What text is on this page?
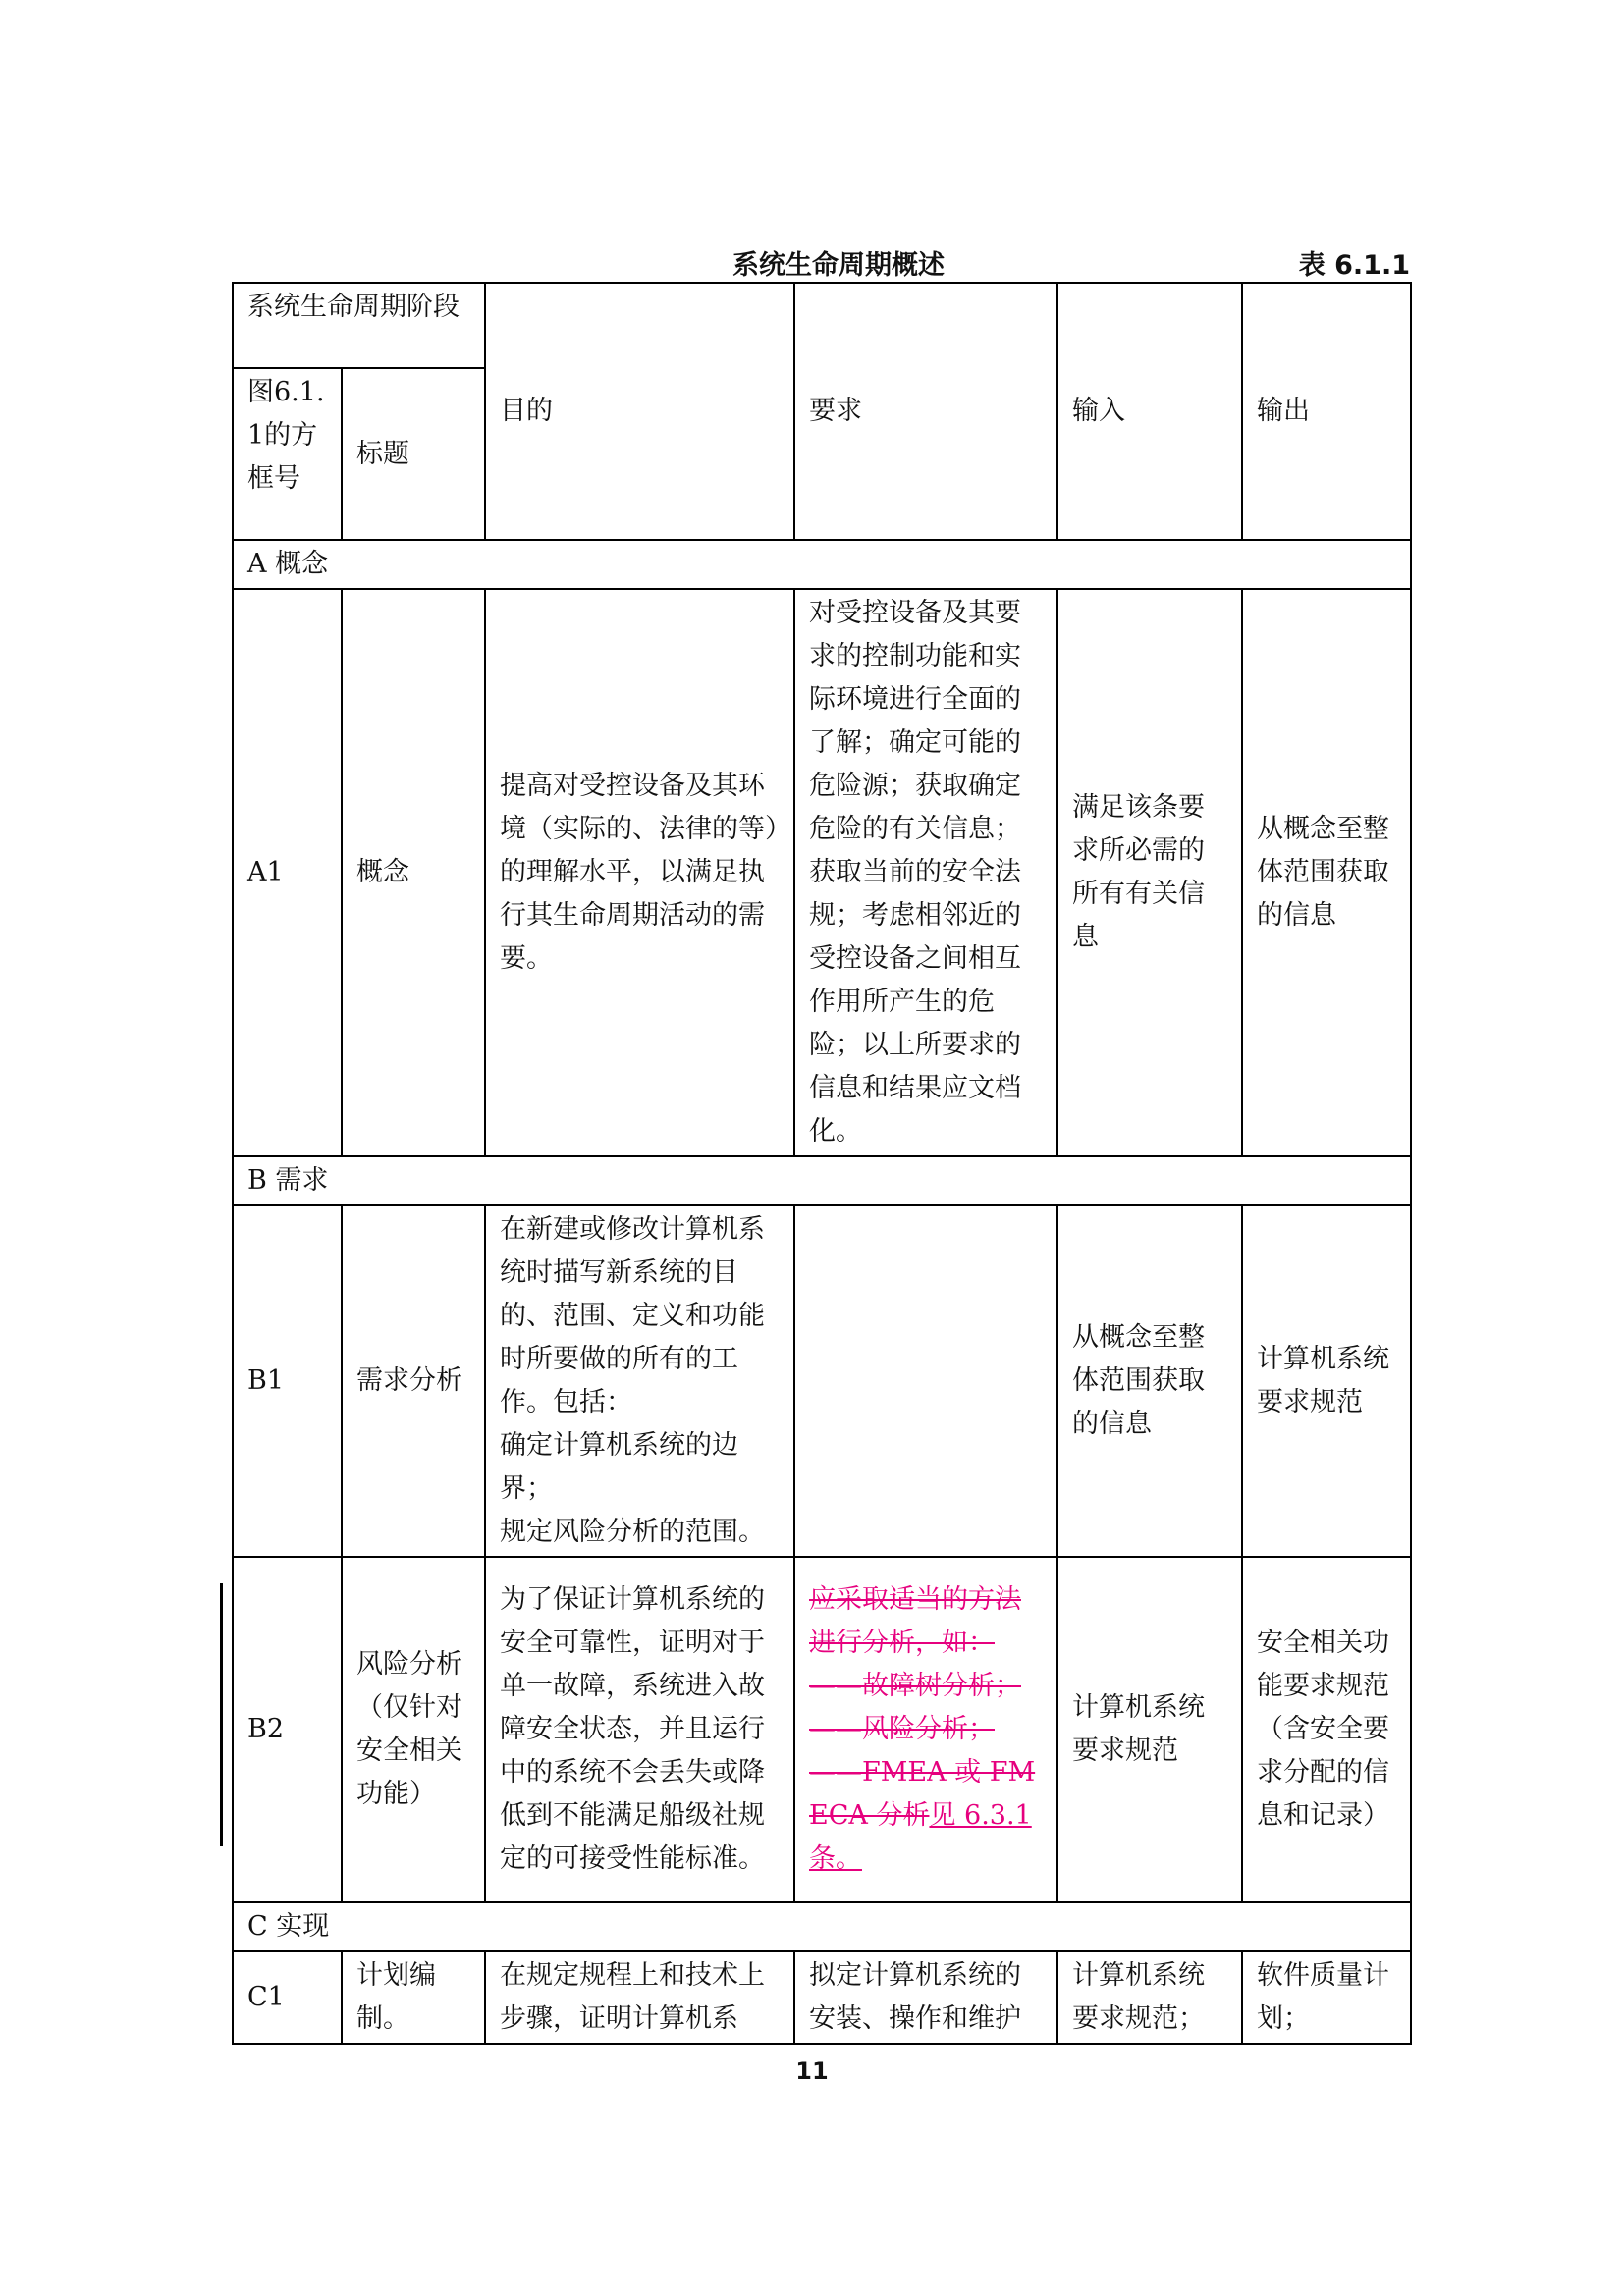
系统生命周期概述	表 6.1.1
系统生命周期阶段		目的	要求	输入	输出
图6.1.1的方框号	标题				
A 概念					
A1	概念	提高对受控设备及其环境（实际的、法律的等）的理解水平，以满足执行其生命周期活动的需要。	对受控设备及其要求的控制功能和实际环境进行全面的了解；确定可能的危险源；获取确定危险的有关信息；获取当前的安全法规；考虑相邻近的受控设备之间相互作用所产生的危险；以上所要求的信息和结果应文档化。	满足该条要求所必需的所有有关信息	从概念至整体范围获取的信息
B 需求					
B1	需求分析	在新建或修改计算机系统时描写新系统的目的、范围、定义和功能时所要做的所有的工作。包括：
确定计算机系统的边界；
规定风险分析的范围。		从概念至整体范围获取的信息	计算机系统要求规范
B2	风险分析（仅针对安全相关功能）	为了保证计算机系统的安全可靠性，证明对于单一故障，系统进入故障安全状态，并且运行中的系统不会丢失或降低到不能满足船级社规定的可接受性能标准。	应采取适当的方法进行分析，如：
——故障树分析；
——风险分析；
——FMEA 或 FMECA 分析见 6.3.1 条。	计算机系统要求规范	安全相关功能要求规范（含安全要求分配的信息和记录）
C 实现					
C1	计划编制。	在规定规程上和技术上步骤，证明计算机系	拟定计算机系统的安装、操作和维护	计算机系统要求规范；	软件质量计划；
11
